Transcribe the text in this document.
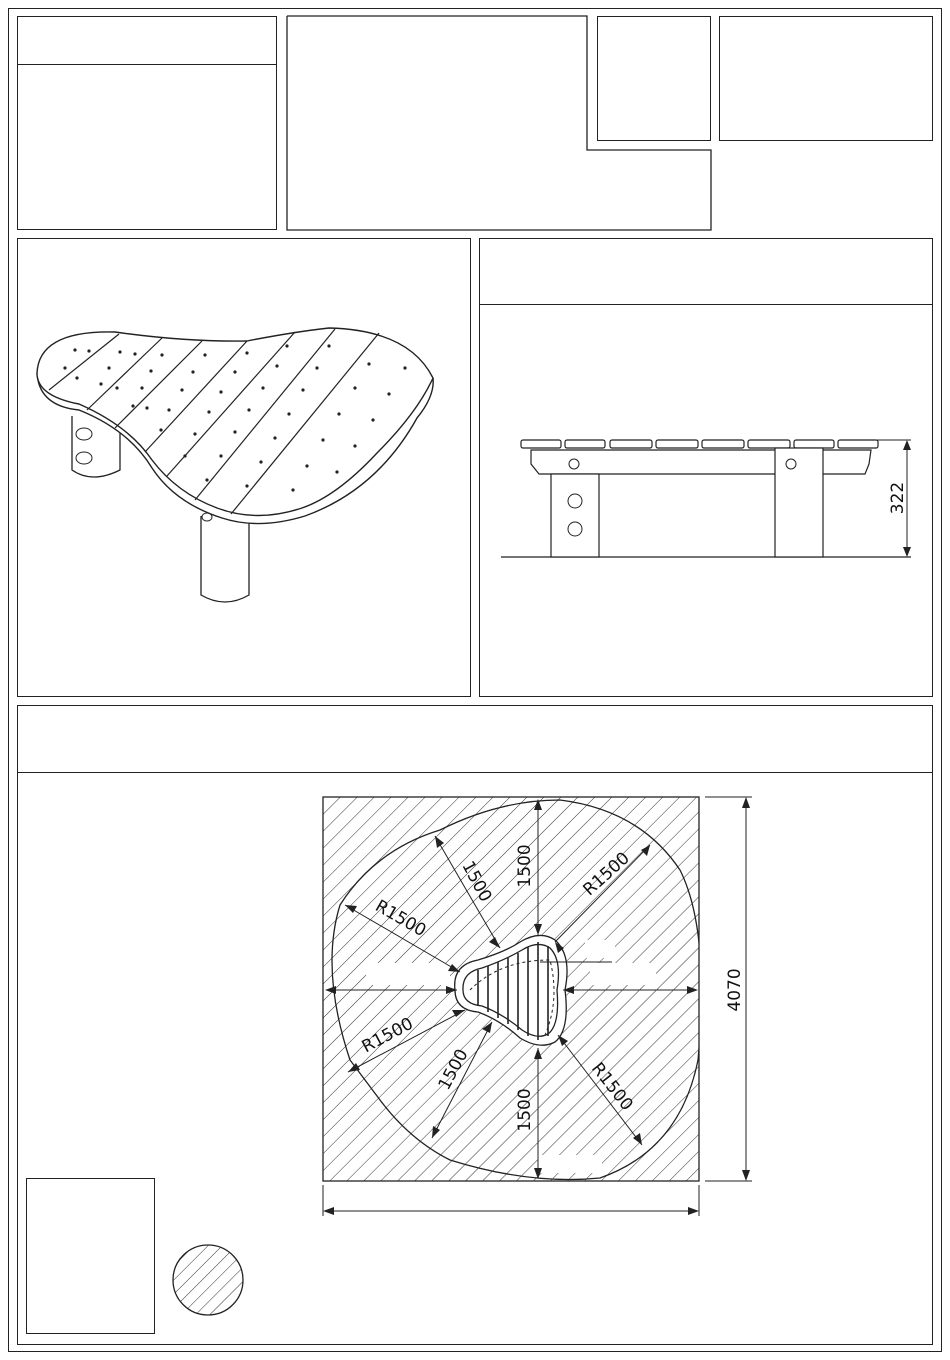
322
R1500
R1500
R1500
R1500
1500
1500
1500
1500
4070
